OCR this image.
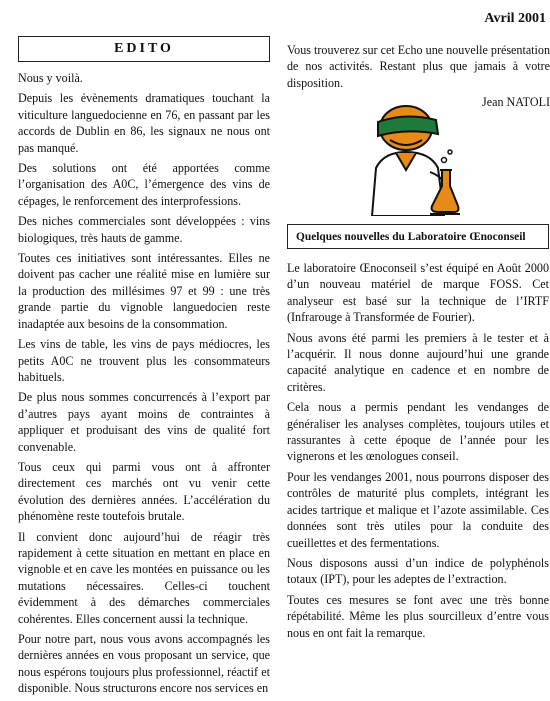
Avril 2001
EDITO

Nous y voilà.

Depuis les évènements dramatiques touchant la viticulture languedocienne en 76, en passant par les accords de Dublin en 86, les signaux ne nous ont pas manqué.

Des solutions ont été apportées comme l’organisation des A0C, l’émergence des vins de cépages, le renforcement des interprofessions.

Des niches commerciales sont développées : vins biologiques, très hauts de gamme.

Toutes ces initiatives sont intéressantes. Elles ne doivent pas cacher une réalité mise en lumière sur la production des millésimes 97 et 99 : une très grande partie du vignoble languedocien reste inadaptée aux besoins de la consommation.

Les vins de table, les vins de pays médiocres, les petits A0C ne trouvent plus les consommateurs habituels.

De plus nous sommes concurrencés à l’export par d’autres pays ayant moins de contraintes à appliquer et produisant des vins de qualité fort convenable.

Tous ceux qui parmi vous ont à affronter directement ces marchés ont vu venir cette évolution des dernières années. L’accélération du phénomène reste toutefois brutale.

Il convient donc aujourd’hui de réagir très rapidement à cette situation en mettant en place en vignoble et en cave les montées en puissance ou les mutations nécessaires. Celles-ci touchent évidemment à des démarches commerciales cohérentes. Elles concernent aussi la technique.

Pour notre part, nous vous avons accompagnés les dernières années en vous proposant un service, que nous espérons toujours plus professionnel, réactif et disponible. Nous structurons encore nos services en

Vous trouverez sur cet Echo une nouvelle présentation de nos activités. Restant plus que jamais à votre disposition.

Jean NATOLI

Quelques nouvelles du Laboratoire Œnoconseil

Le laboratoire Œnoconseil s’est équipé en Août 2000 d’un nouveau matériel de marque FOSS. Cet analyseur est basé sur la technique de l’IRTF (Infrarouge à Transformée de Fourier).

Nous avons été parmi les premiers à le tester et à l’acquérir. Il nous donne aujourd’hui une grande capacité analytique en cadence et en nombre de critères.

Cela nous a permis pendant les vendanges de généraliser les analyses complètes, toujours utiles et rassurantes à cette époque de l’année pour les vignerons et les œnologues conseil.

Pour les vendanges 2001, nous pourrons disposer des contrôles de maturité plus complets, intégrant les acides tartrique et malique et l’azote assimilable. Ces données sont très utiles pour la conduite des cueillettes et des fermentations.

Nous disposons aussi d’un indice de polyphénols totaux (IPT), pour les adeptes de l’extraction.

Toutes ces mesures se font avec une très bonne répétabilité. Même les plus sourcilleux d’entre vous nous en ont fait la remarque.
